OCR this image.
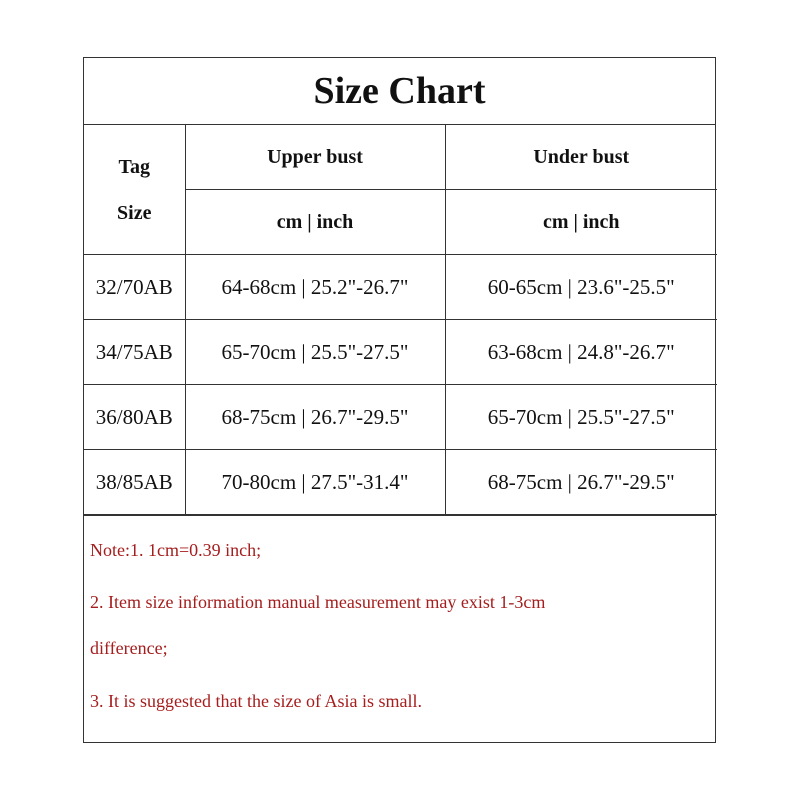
Size Chart
Tag
Size	Upper bust	Under bust
	cm | inch	cm | inch
32/70AB	64-68cm | 25.2"-26.7"	60-65cm | 23.6"-25.5"
34/75AB	65-70cm | 25.5"-27.5"	63-68cm | 24.8"-26.7"
36/80AB	68-75cm | 26.7"-29.5"	65-70cm | 25.5"-27.5"
38/85AB	70-80cm | 27.5"-31.4"	68-75cm | 26.7"-29.5"
Note:1. 1cm=0.39 inch;
2. Item size information manual measurement may exist 1-3cm
difference;
3. It is suggested that the size of Asia is small.
